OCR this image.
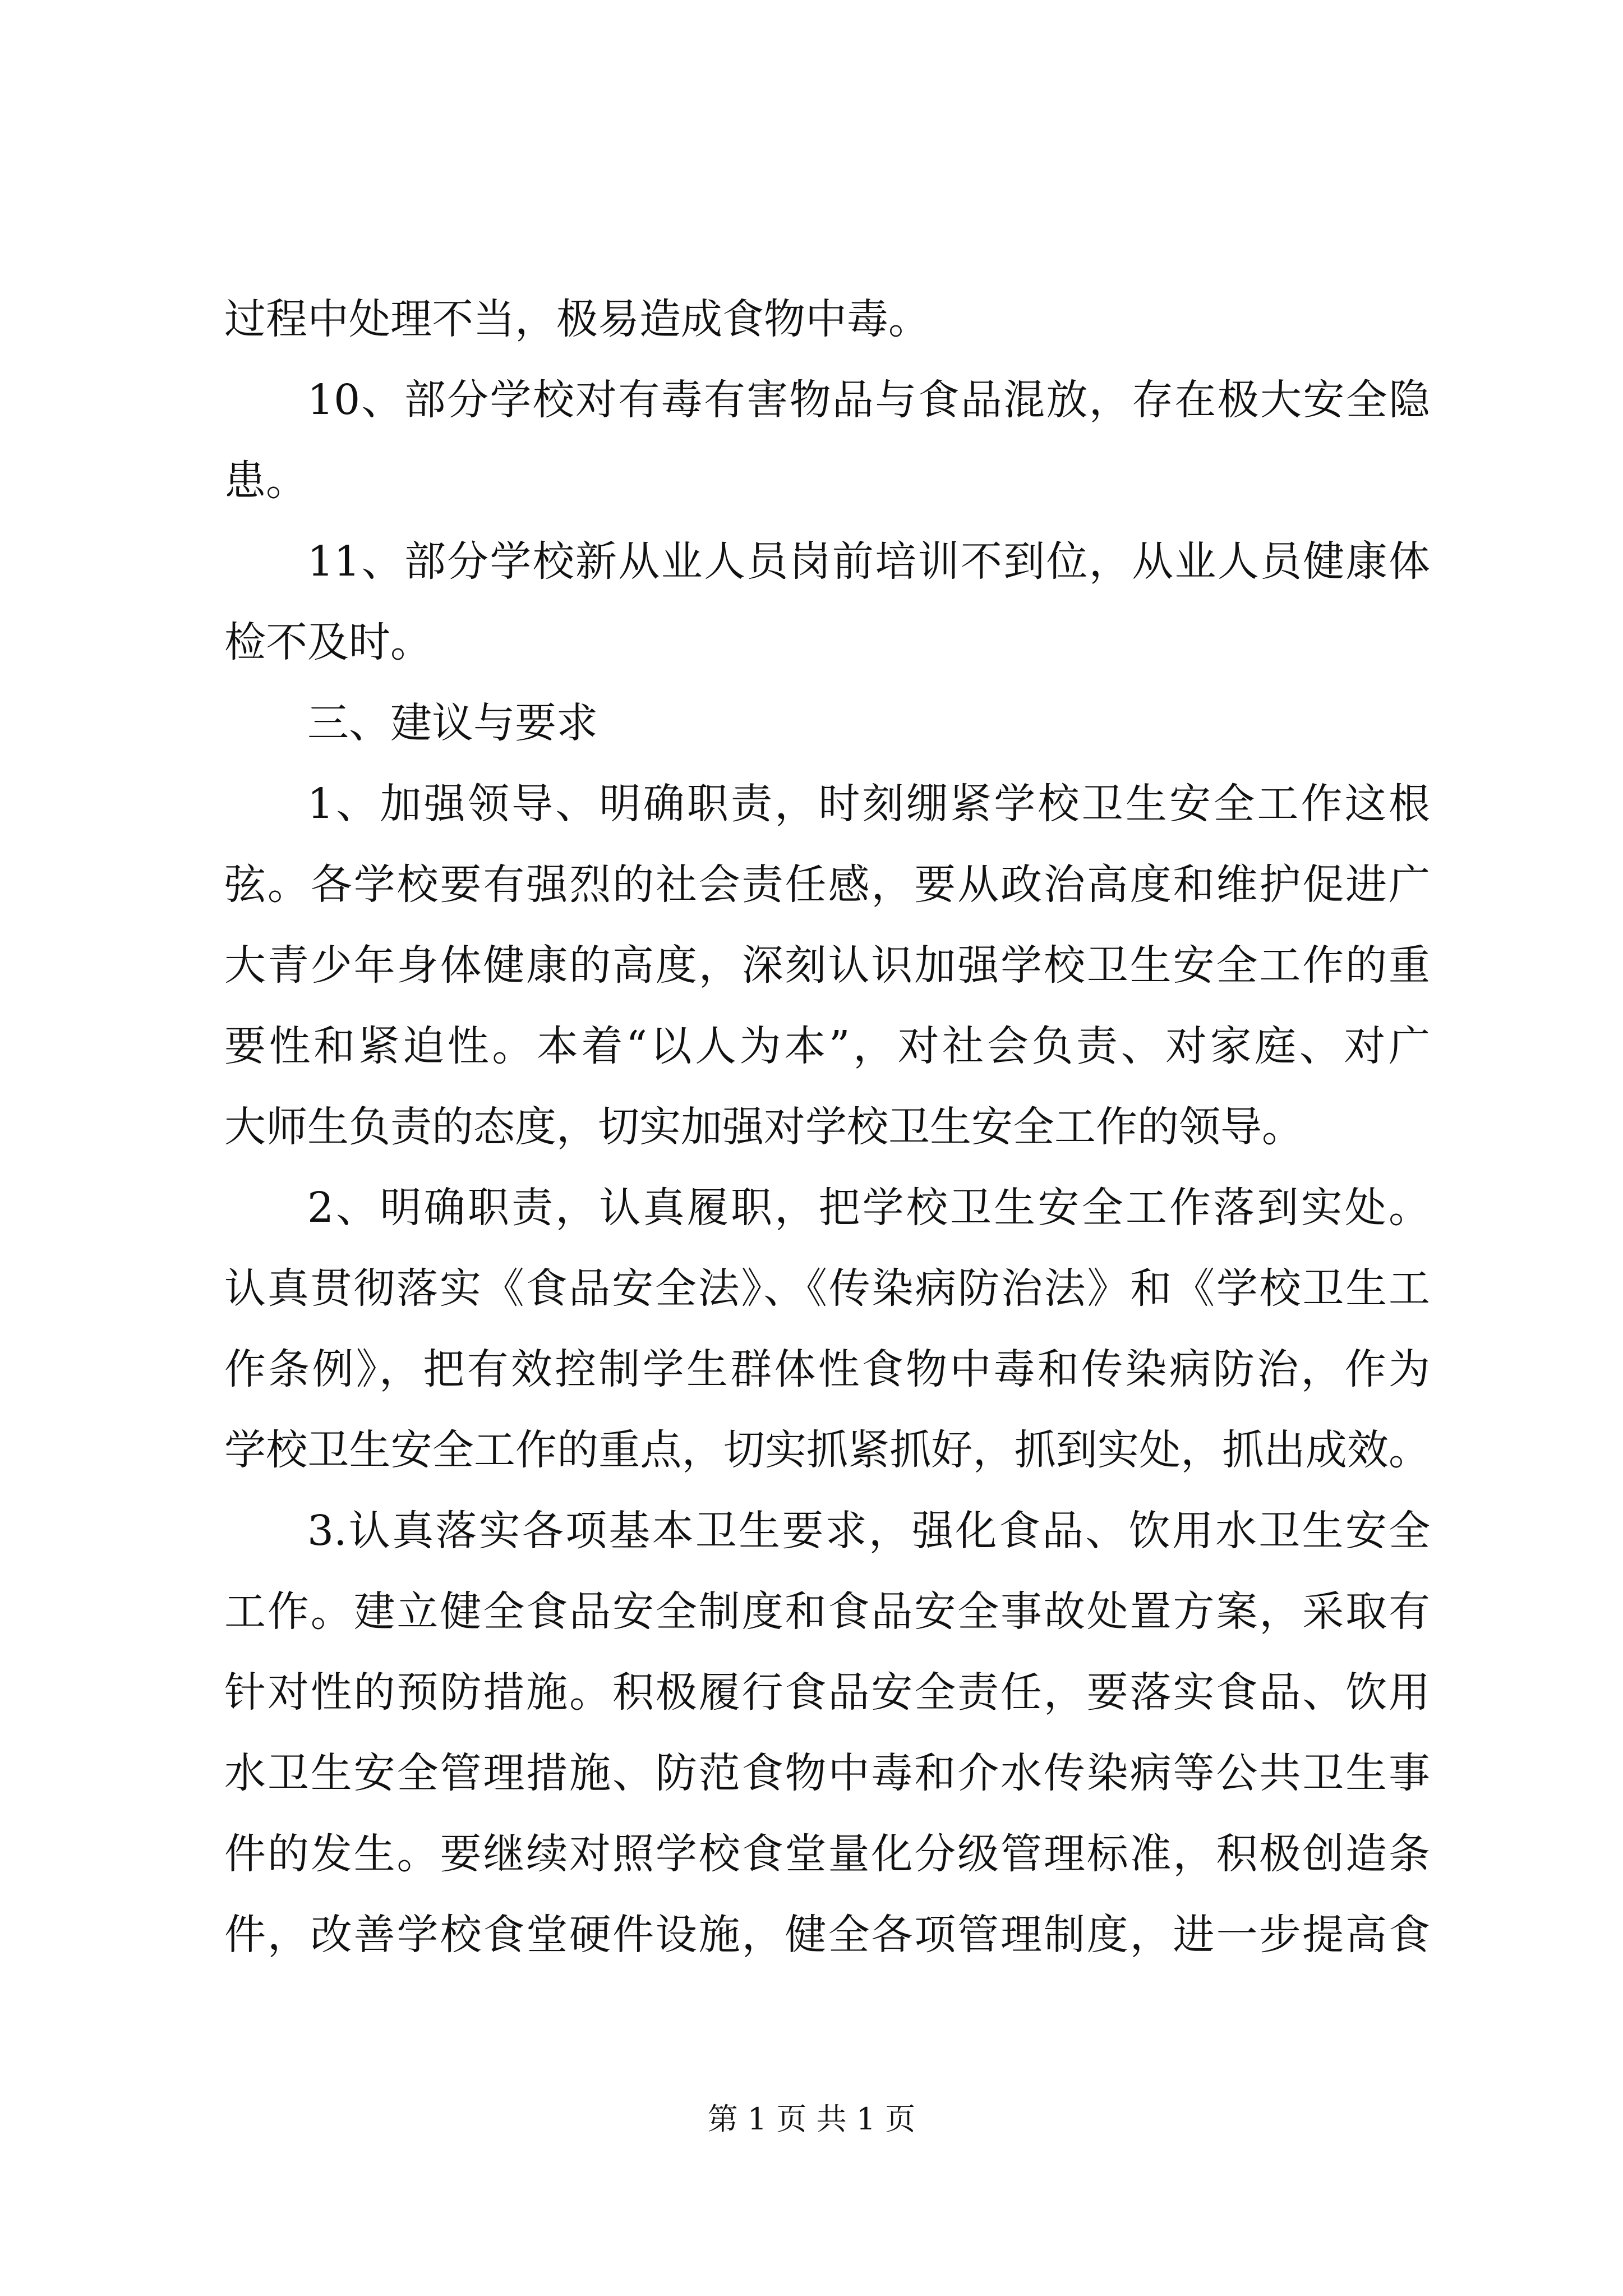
过程中处理不当，极易造成食物中毒。
10、部分学校对有毒有害物品与食品混放，存在极大安全隐
患。
11、部分学校新从业人员岗前培训不到位，从业人员健康体
检不及时。
三、建议与要求
1、加强领导、明确职责，时刻绷紧学校卫生安全工作这根
弦。各学校要有强烈的社会责任感，要从政治高度和维护促进广
大青少年身体健康的高度，深刻认识加强学校卫生安全工作的重
要性和紧迫性。本着“以人为本”，对社会负责、对家庭、对广
大师生负责的态度，切实加强对学校卫生安全工作的领导。
2、明确职责，认真履职，把学校卫生安全工作落到实处。
认真贯彻落实《食品安全法》、《传染病防治法》和《学校卫生工
作条例》，把有效控制学生群体性食物中毒和传染病防治，作为
学校卫生安全工作的重点，切实抓紧抓好，抓到实处，抓出成效。
3.认真落实各项基本卫生要求，强化食品、饮用水卫生安全
工作。建立健全食品安全制度和食品安全事故处置方案，采取有
针对性的预防措施。积极履行食品安全责任，要落实食品、饮用
水卫生安全管理措施、防范食物中毒和介水传染病等公共卫生事
件的发生。要继续对照学校食堂量化分级管理标准，积极创造条
件，改善学校食堂硬件设施，健全各项管理制度，进一步提高食
第 1 页 共 1 页
